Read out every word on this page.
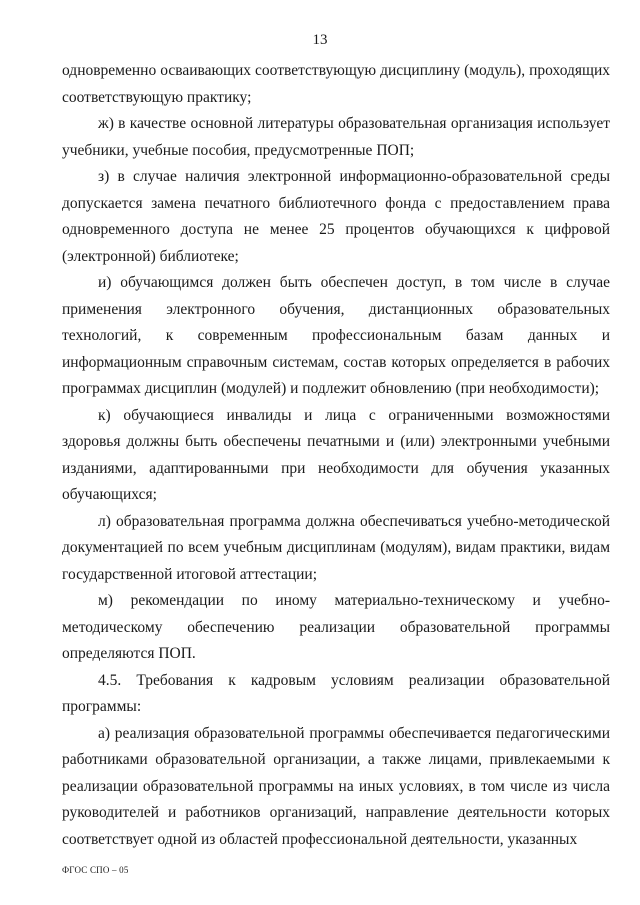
13

одновременно осваивающих соответствующую дисциплину (модуль), проходящих соответствующую практику;

ж) в качестве основной литературы образовательная организация использует учебники, учебные пособия, предусмотренные ПОП;

з) в случае наличия электронной информационно-образовательной среды допускается замена печатного библиотечного фонда с предоставлением права одновременного доступа не менее 25 процентов обучающихся к цифровой (электронной) библиотеке;

и) обучающимся должен быть обеспечен доступ, в том числе в случае применения электронного обучения, дистанционных образовательных технологий, к современным профессиональным базам данных и информационным справочным системам, состав которых определяется в рабочих программах дисциплин (модулей) и подлежит обновлению (при необходимости);

к) обучающиеся инвалиды и лица с ограниченными возможностями здоровья должны быть обеспечены печатными и (или) электронными учебными изданиями, адаптированными при необходимости для обучения указанных обучающихся;

л) образовательная программа должна обеспечиваться учебно-методической документацией по всем учебным дисциплинам (модулям), видам практики, видам государственной итоговой аттестации;

м) рекомендации по иному материально-техническому и учебно-методическому обеспечению реализации образовательной программы определяются ПОП.

4.5. Требования к кадровым условиям реализации образовательной программы:

а) реализация образовательной программы обеспечивается педагогическими работниками образовательной организации, а также лицами, привлекаемыми к реализации образовательной программы на иных условиях, в том числе из числа руководителей и работников организаций, направление деятельности которых соответствует одной из областей профессиональной деятельности, указанных

ФГОС СПО – 05
